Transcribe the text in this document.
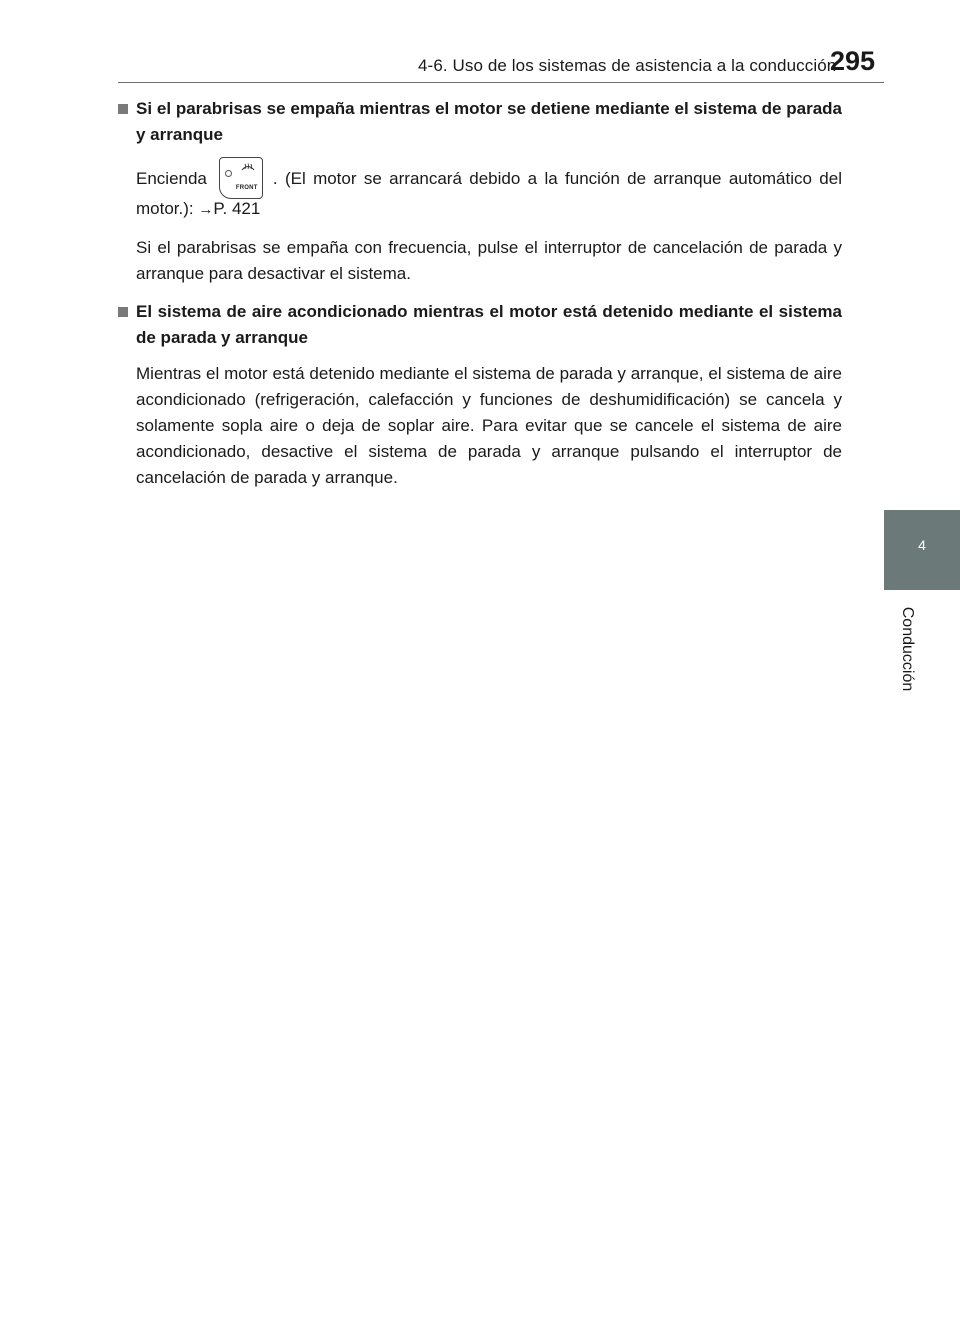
4-6. Uso de los sistemas de asistencia a la conducción
295
4
Conducción
Si el parabrisas se empaña mientras el motor se detiene mediante el sistema de parada y arranque

Encienda	FRONT . (El motor se arrancará debido a la función de arranque automático del motor.): →P. 421

Si el parabrisas se empaña con frecuencia, pulse el interruptor de cancelación de parada y arranque para desactivar el sistema.

El sistema de aire acondicionado mientras el motor está detenido mediante el sistema de parada y arranque

Mientras el motor está detenido mediante el sistema de parada y arranque, el sistema de aire acondicionado (refrigeración, calefacción y funciones de deshumidificación) se cancela y solamente sopla aire o deja de soplar aire. Para evitar que se cancele el sistema de aire acondicionado, desactive el sistema de parada y arranque pulsando el interruptor de cancelación de parada y arranque.
